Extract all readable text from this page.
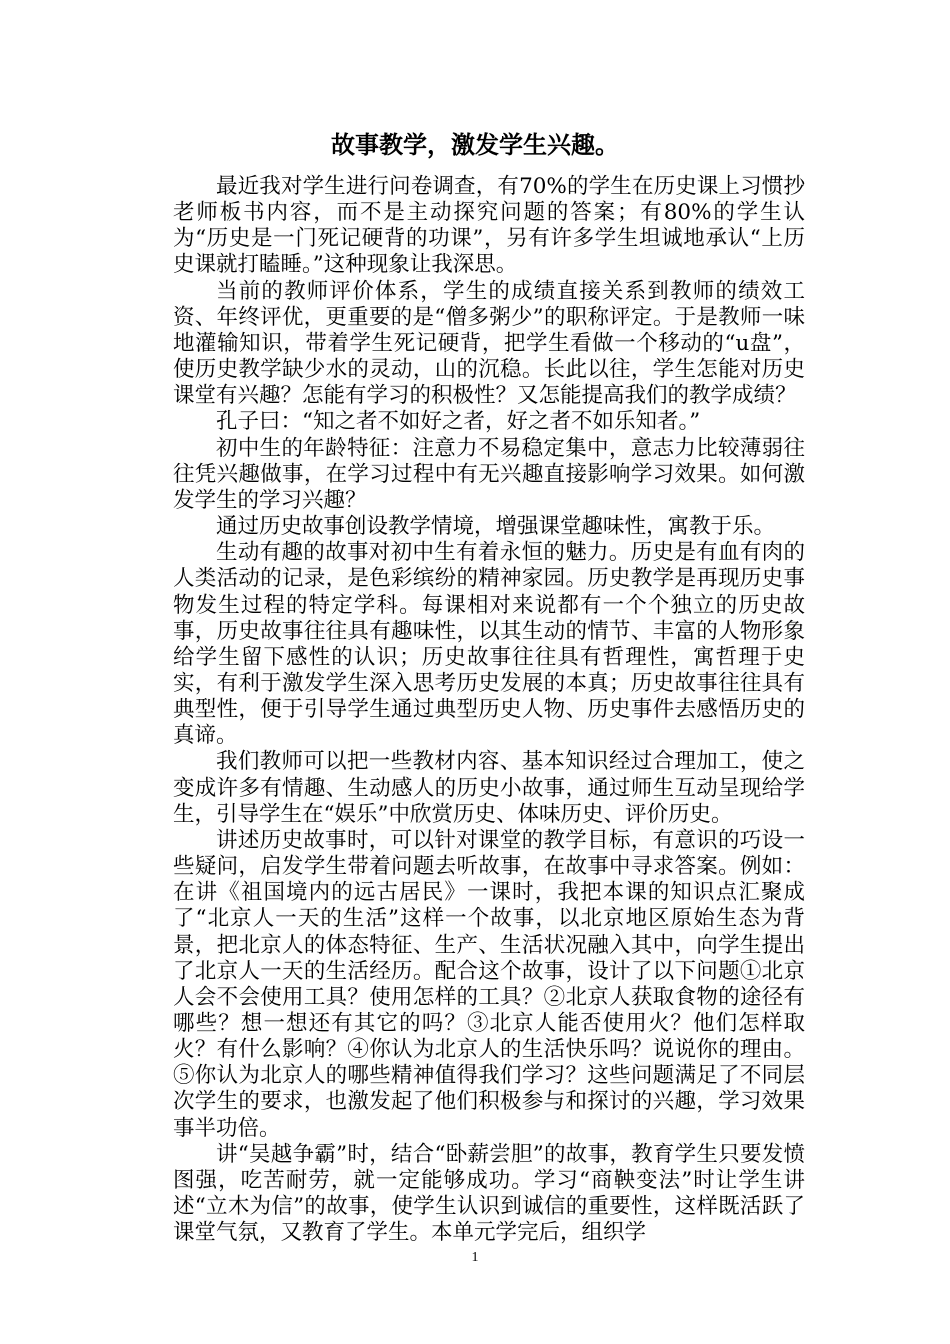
故事教学，激发学生兴趣。

最近我对学生进行问卷调查，有70%的学生在历史课上习惯抄老师板书内容，而不是主动探究问题的答案；有80%的学生认为“历史是一门死记硬背的功课”，另有许多学生坦诚地承认“上历史课就打瞌睡。”这种现象让我深思。

当前的教师评价体系，学生的成绩直接关系到教师的绩效工资、年终评优，更重要的是“僧多粥少”的职称评定。于是教师一味地灌输知识，带着学生死记硬背，把学生看做一个移动的“u盘”，使历史教学缺少水的灵动，山的沉稳。长此以往，学生怎能对历史课堂有兴趣？怎能有学习的积极性？又怎能提高我们的教学成绩？

孔子曰：“知之者不如好之者，好之者不如乐知者。”

初中生的年龄特征：注意力不易稳定集中，意志力比较薄弱往往凭兴趣做事，在学习过程中有无兴趣直接影响学习效果。如何激发学生的学习兴趣？

通过历史故事创设教学情境，增强课堂趣味性，寓教于乐。

生动有趣的故事对初中生有着永恒的魅力。历史是有血有肉的人类活动的记录，是色彩缤纷的精神家园。历史教学是再现历史事物发生过程的特定学科。每课相对来说都有一个个独立的历史故事，历史故事往往具有趣味性，以其生动的情节、丰富的人物形象给学生留下感性的认识；历史故事往往具有哲理性，寓哲理于史实，有利于激发学生深入思考历史发展的本真；历史故事往往具有典型性，便于引导学生通过典型历史人物、历史事件去感悟历史的真谛。

我们教师可以把一些教材内容、基本知识经过合理加工，使之变成许多有情趣、生动感人的历史小故事，通过师生互动呈现给学生，引导学生在“娱乐”中欣赏历史、体味历史、评价历史。

讲述历史故事时，可以针对课堂的教学目标，有意识的巧设一些疑问，启发学生带着问题去听故事，在故事中寻求答案。例如：在讲《祖国境内的远古居民》一课时，我把本课的知识点汇聚成了“北京人一天的生活”这样一个故事，以北京地区原始生态为背景，把北京人的体态特征、生产、生活状况融入其中，向学生提出了北京人一天的生活经历。配合这个故事，设计了以下问题①北京人会不会使用工具？使用怎样的工具？②北京人获取食物的途径有哪些？想一想还有其它的吗？③北京人能否使用火？他们怎样取火？有什么影响？④你认为北京人的生活快乐吗？说说你的理由。⑤你认为北京人的哪些精神值得我们学习？这些问题满足了不同层次学生的要求，也激发起了他们积极参与和探讨的兴趣，学习效果事半功倍。

讲“吴越争霸”时，结合“卧薪尝胆”的故事，教育学生只要发愤图强，吃苦耐劳，就一定能够成功。学习“商鞅变法”时让学生讲述“立木为信”的故事，使学生认识到诚信的重要性，这样既活跃了课堂气氛，又教育了学生。本单元学完后，组织学

1
